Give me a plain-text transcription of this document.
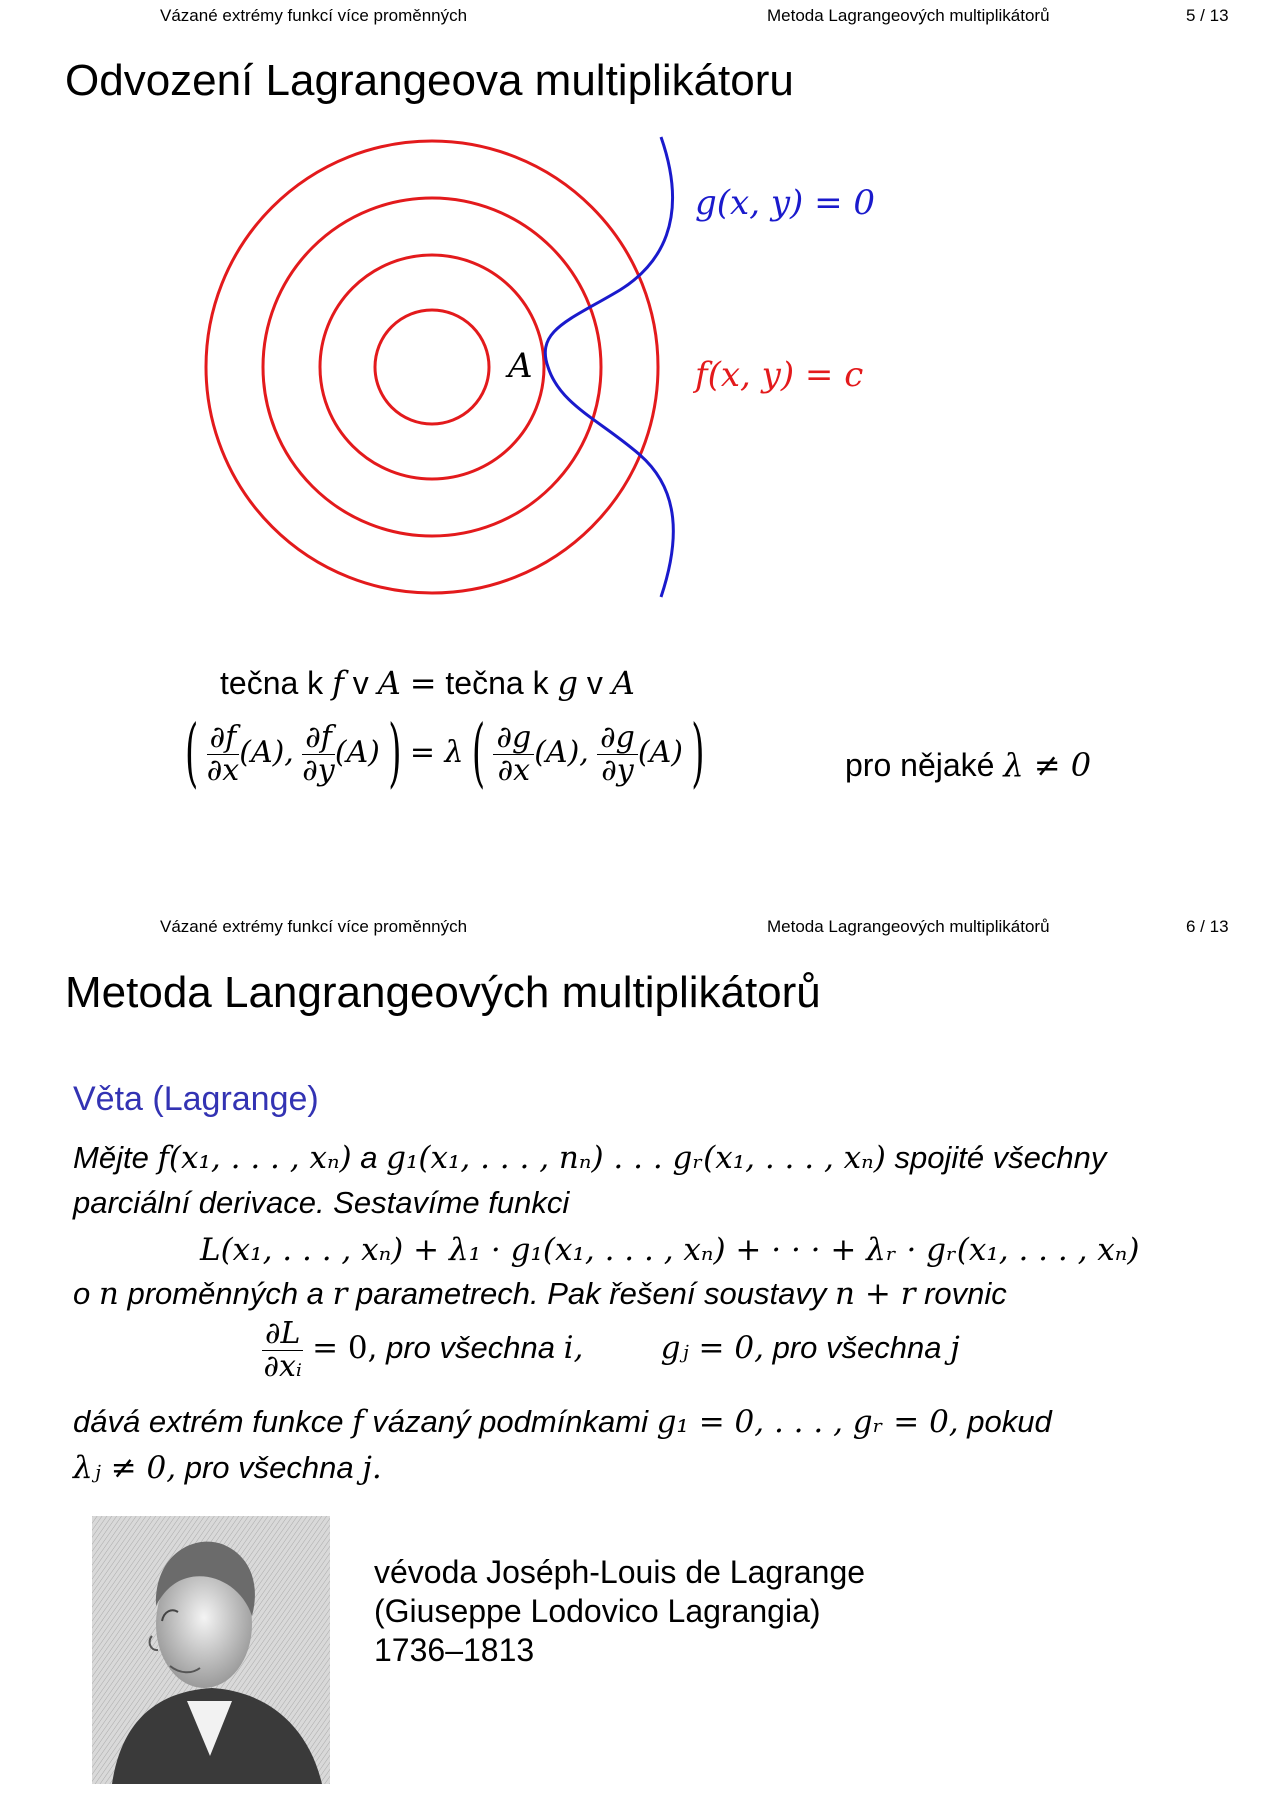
Vázané extrémy funkcí více proměnných	Metoda Lagrangeových multiplikátorů	5 / 13
Odvození Lagrangeova multiplikátoru
g(x, y) = 0
f(x, y) = c
A
tečna k f v A = tečna k g v A
( $\frac{\partial f}{\partial x} (A)$, $\frac{\partial f}{\partial y} (A)$ ) = λ ( $\frac{\partial g}{\partial x} (A)$, $\frac{\partial g}{\partial y} (A)$ )	pro nějaké λ ≠ 0
Vázané extrémy funkcí více proměnných	Metoda Lagrangeových multiplikátorů	6 / 13
Metoda Langrangeových multiplikátorů
Věta (Lagrange)
Mějte f(x₁, . . . , xₙ) a g₁(x₁, . . . , nₙ) . . . gᵣ(x₁, . . . , xₙ) spojité všechny
parciální derivace. Sestavíme funkci
L(x₁, . . . , xₙ) + λ₁ · g₁(x₁, . . . , xₙ) + · · · + λᵣ · gᵣ(x₁, . . . , xₙ)
o n proměnných a r parametrech. Pak řešení soustavy n + r rovnic
$\frac{\partial L}{\text{∂xᵢ}} = 0$, pro všechna i, gⱼ = 0, pro všechna j
dává extrém funkce f vázaný podmínkami g₁ = 0, . . . , gᵣ = 0, pokud
λⱼ ≠ 0, pro všechna j.
vévoda Joséph-Louis de Lagrange
(Giuseppe Lodovico Lagrangia)
1736–1813
